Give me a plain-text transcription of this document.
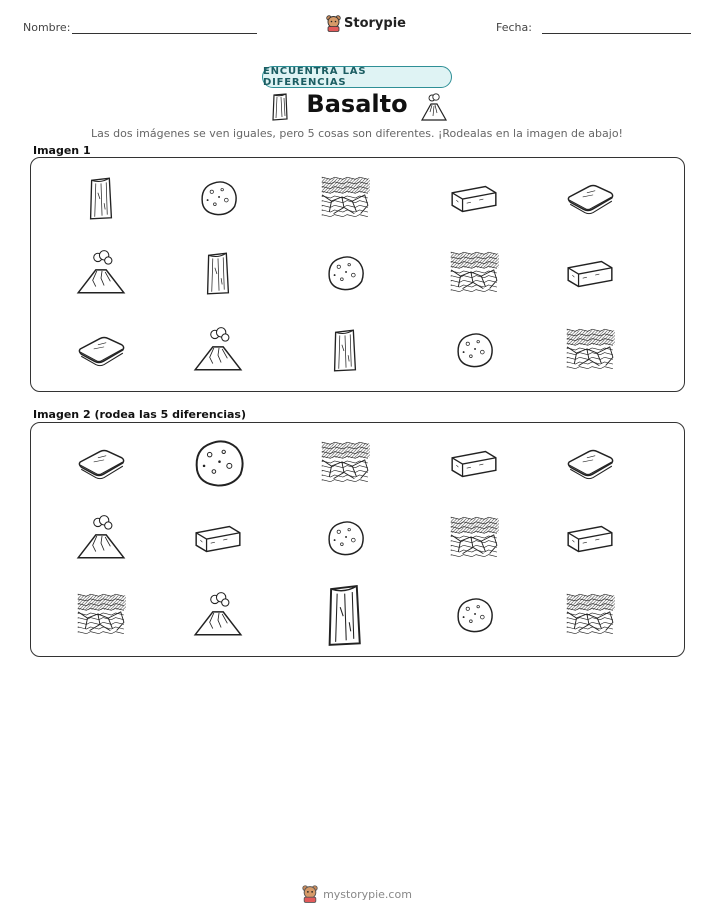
Nombre:	Storypie	Fecha:
ENCUENTRA LAS DIFERENCIAS
Basalto
Las dos imágenes se ven iguales, pero 5 cosas son diferentes. ¡Rodealas en la imagen de abajo!
Imagen 1
Imagen 2 (rodea las 5 diferencias)
mystorypie.com
